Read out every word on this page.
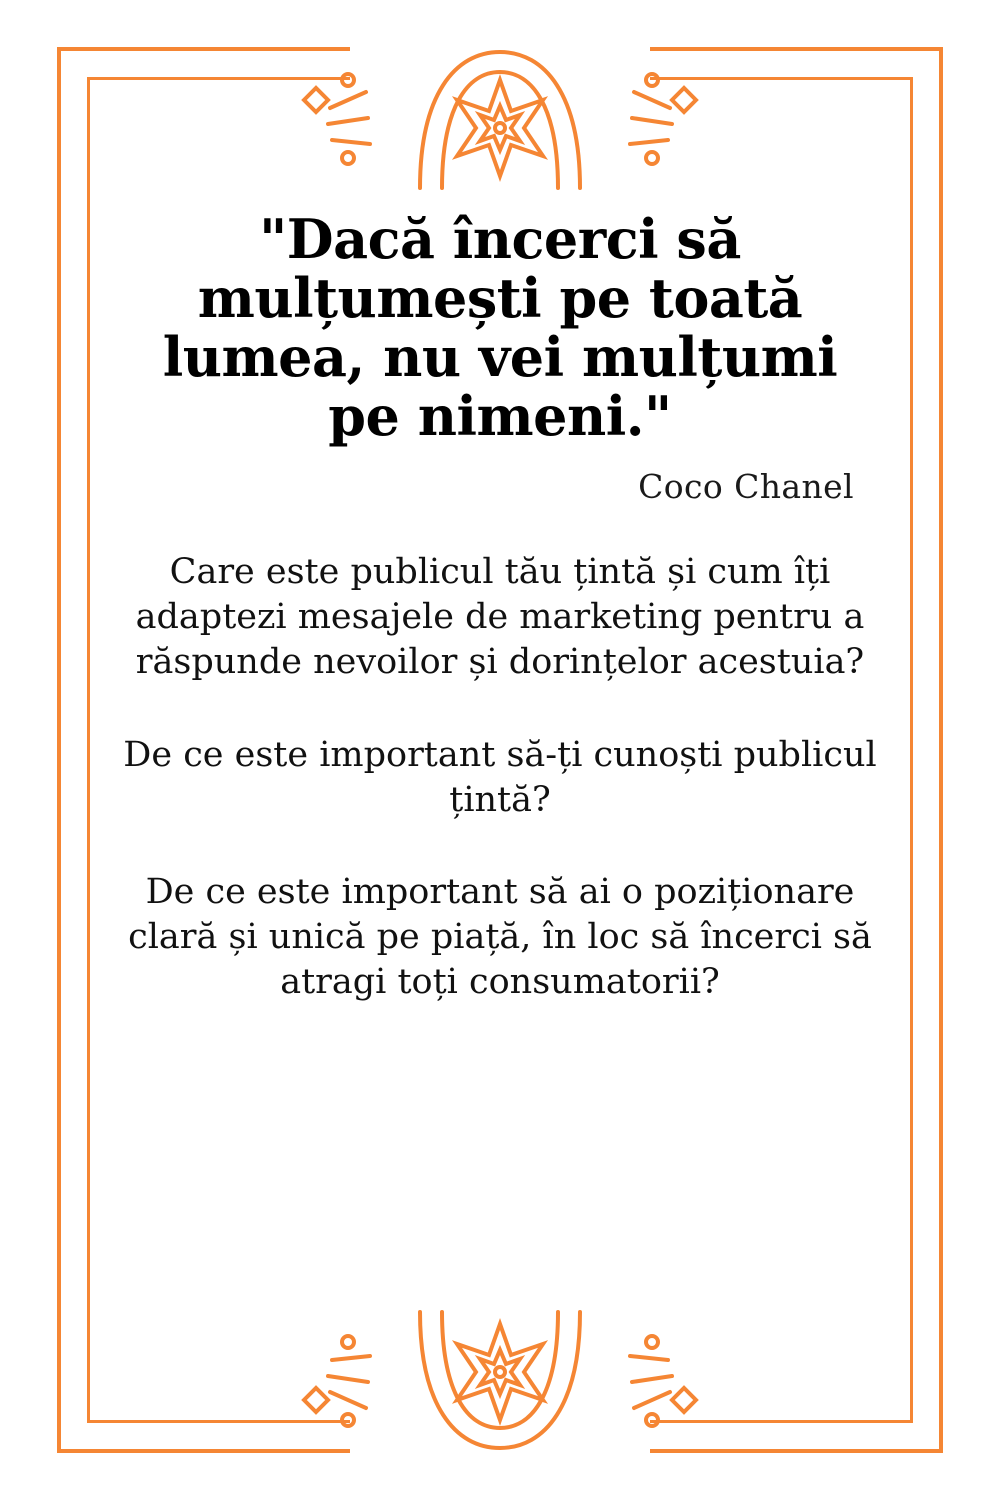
"Dacă încerci să mulțumești pe toată lumea, nu vei mulțumi pe nimeni."

Coco Chanel

Care este publicul tău țintă și cum îți adaptezi mesajele de marketing pentru a răspunde nevoilor și dorințelor acestuia?

De ce este important să-ți cunoști publicul țintă?

De ce este important să ai o poziționare clară și unică pe piață, în loc să încerci să atragi toți consumatorii?
